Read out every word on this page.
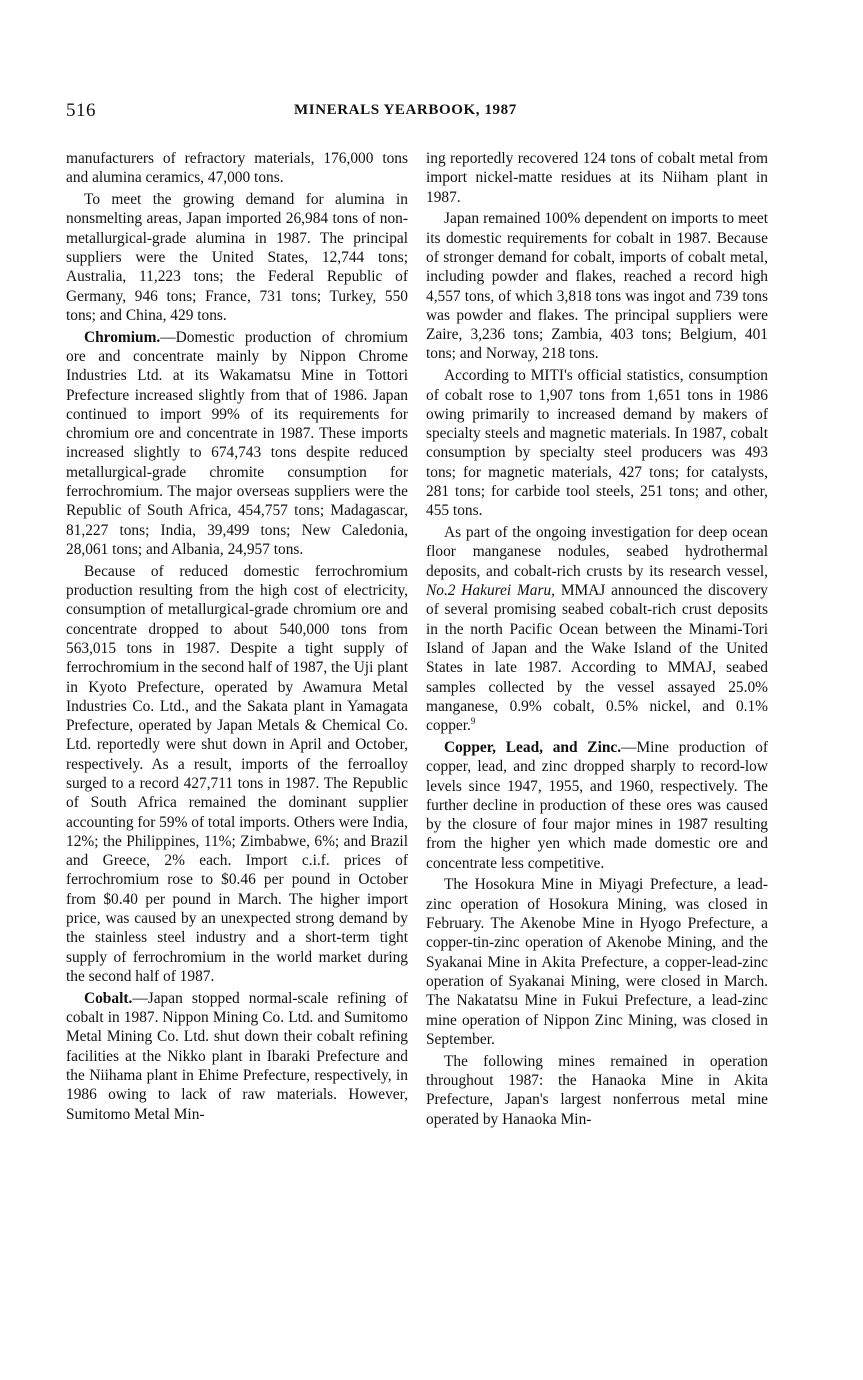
516	MINERALS YEARBOOK, 1987

manufacturers of refractory materials, 176,000 tons and alumina ceramics, 47,000 tons.

To meet the growing demand for alumina in nonsmelting areas, Japan imported 26,984 tons of non-metallurgical-grade alumina in 1987. The principal suppliers were the United States, 12,744 tons; Australia, 11,223 tons; the Federal Republic of Germany, 946 tons; France, 731 tons; Turkey, 550 tons; and China, 429 tons.

Chromium.—Domestic production of chromium ore and concentrate mainly by Nippon Chrome Industries Ltd. at its Wakamatsu Mine in Tottori Prefecture increased slightly from that of 1986. Japan continued to import 99% of its requirements for chromium ore and concentrate in 1987. These imports increased slightly to 674,743 tons despite reduced metallurgical-grade chromite consumption for ferrochromium. The major overseas suppliers were the Republic of South Africa, 454,757 tons; Madagascar, 81,227 tons; India, 39,499 tons; New Caledonia, 28,061 tons; and Albania, 24,957 tons.

Because of reduced domestic ferrochromium production resulting from the high cost of electricity, consumption of metallurgical-grade chromium ore and concentrate dropped to about 540,000 tons from 563,015 tons in 1987. Despite a tight supply of ferrochromium in the second half of 1987, the Uji plant in Kyoto Prefecture, operated by Awamura Metal Industries Co. Ltd., and the Sakata plant in Yamagata Prefecture, operated by Japan Metals & Chemical Co. Ltd. reportedly were shut down in April and October, respectively. As a result, imports of the ferroalloy surged to a record 427,711 tons in 1987. The Republic of South Africa remained the dominant supplier accounting for 59% of total imports. Others were India, 12%; the Philippines, 11%; Zimbabwe, 6%; and Brazil and Greece, 2% each. Import c.i.f. prices of ferrochromium rose to $0.46 per pound in October from $0.40 per pound in March. The higher import price, was caused by an unexpected strong demand by the stainless steel industry and a short-term tight supply of ferrochromium in the world market during the second half of 1987.

Cobalt.—Japan stopped normal-scale refining of cobalt in 1987. Nippon Mining Co. Ltd. and Sumitomo Metal Mining Co. Ltd. shut down their cobalt refining facilities at the Nikko plant in Ibaraki Prefecture and the Niihama plant in Ehime Prefecture, respectively, in 1986 owing to lack of raw materials. However, Sumitomo Metal Min-

ing reportedly recovered 124 tons of cobalt metal from import nickel-matte residues at its Niiham plant in 1987.

Japan remained 100% dependent on imports to meet its domestic requirements for cobalt in 1987. Because of stronger demand for cobalt, imports of cobalt metal, including powder and flakes, reached a record high 4,557 tons, of which 3,818 tons was ingot and 739 tons was powder and flakes. The principal suppliers were Zaire, 3,236 tons; Zambia, 403 tons; Belgium, 401 tons; and Norway, 218 tons.

According to MITI's official statistics, consumption of cobalt rose to 1,907 tons from 1,651 tons in 1986 owing primarily to increased demand by makers of specialty steels and magnetic materials. In 1987, cobalt consumption by specialty steel producers was 493 tons; for magnetic materials, 427 tons; for catalysts, 281 tons; for carbide tool steels, 251 tons; and other, 455 tons.

As part of the ongoing investigation for deep ocean floor manganese nodules, seabed hydrothermal deposits, and cobalt-rich crusts by its research vessel, No.2 Hakurei Maru, MMAJ announced the discovery of several promising seabed cobalt-rich crust deposits in the north Pacific Ocean between the Minami-Tori Island of Japan and the Wake Island of the United States in late 1987. According to MMAJ, seabed samples collected by the vessel assayed 25.0% manganese, 0.9% cobalt, 0.5% nickel, and 0.1% copper.$^9$

Copper, Lead, and Zinc.—Mine production of copper, lead, and zinc dropped sharply to record-low levels since 1947, 1955, and 1960, respectively. The further decline in production of these ores was caused by the closure of four major mines in 1987 resulting from the higher yen which made domestic ore and concentrate less competitive.

The Hosokura Mine in Miyagi Prefecture, a lead-zinc operation of Hosokura Mining, was closed in February. The Akenobe Mine in Hyogo Prefecture, a copper-tin-zinc operation of Akenobe Mining, and the Syakanai Mine in Akita Prefecture, a copper-lead-zinc operation of Syakanai Mining, were closed in March. The Nakatatsu Mine in Fukui Prefecture, a lead-zinc mine operation of Nippon Zinc Mining, was closed in September.

The following mines remained in operation throughout 1987: the Hanaoka Mine in Akita Prefecture, Japan's largest nonferrous metal mine operated by Hanaoka Min-
